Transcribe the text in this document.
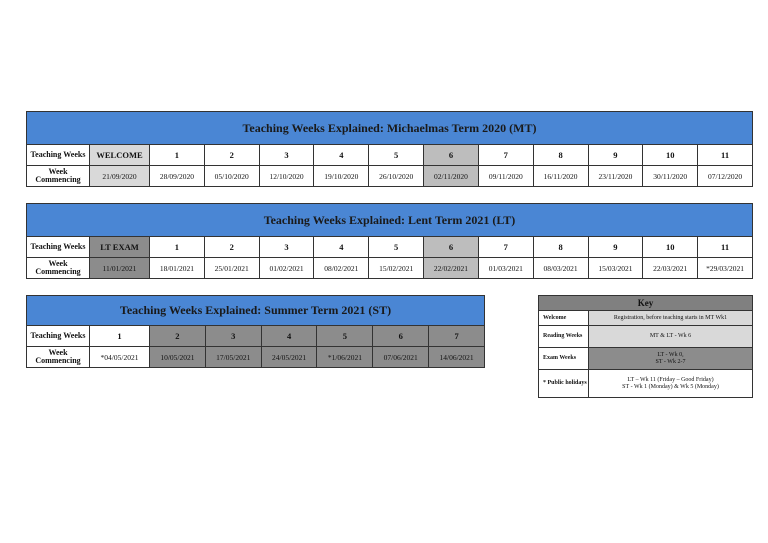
Teaching Weeks Explained: Michaelmas Term 2020 (MT)												
Teaching Weeks	WELCOME	1	2	3	4	5	6	7	8	9	10	11
Week Commencing	21/09/2020	28/09/2020	05/10/2020	12/10/2020	19/10/2020	26/10/2020	02/11/2020	09/11/2020	16/11/2020	23/11/2020	30/11/2020	07/12/2020
Teaching Weeks Explained: Lent Term 2021 (LT)												
Teaching Weeks	LT EXAM	1	2	3	4	5	6	7	8	9	10	11
Week Commencing	11/01/2021	18/01/2021	25/01/2021	01/02/2021	08/02/2021	15/02/2021	22/02/2021	01/03/2021	08/03/2021	15/03/2021	22/03/2021	*29/03/2021
Teaching Weeks Explained: Summer Term 2021 (ST)							
Teaching Weeks	1	2	3	4	5	6	7
Week Commencing	*04/05/2021	10/05/2021	17/05/2021	24/05/2021	*1/06/2021	07/06/2021	14/06/2021
Key	
Welcome	Registration, before teaching starts in MT Wk1
Reading Weeks	MT & LT - Wk 6
Exam Weeks	LT - Wk 0,
ST - Wk 2-7

* Public holidays	LT – Wk 11 (Friday – Good Friday)
ST - Wk 1 (Monday) & Wk 5 (Monday)
